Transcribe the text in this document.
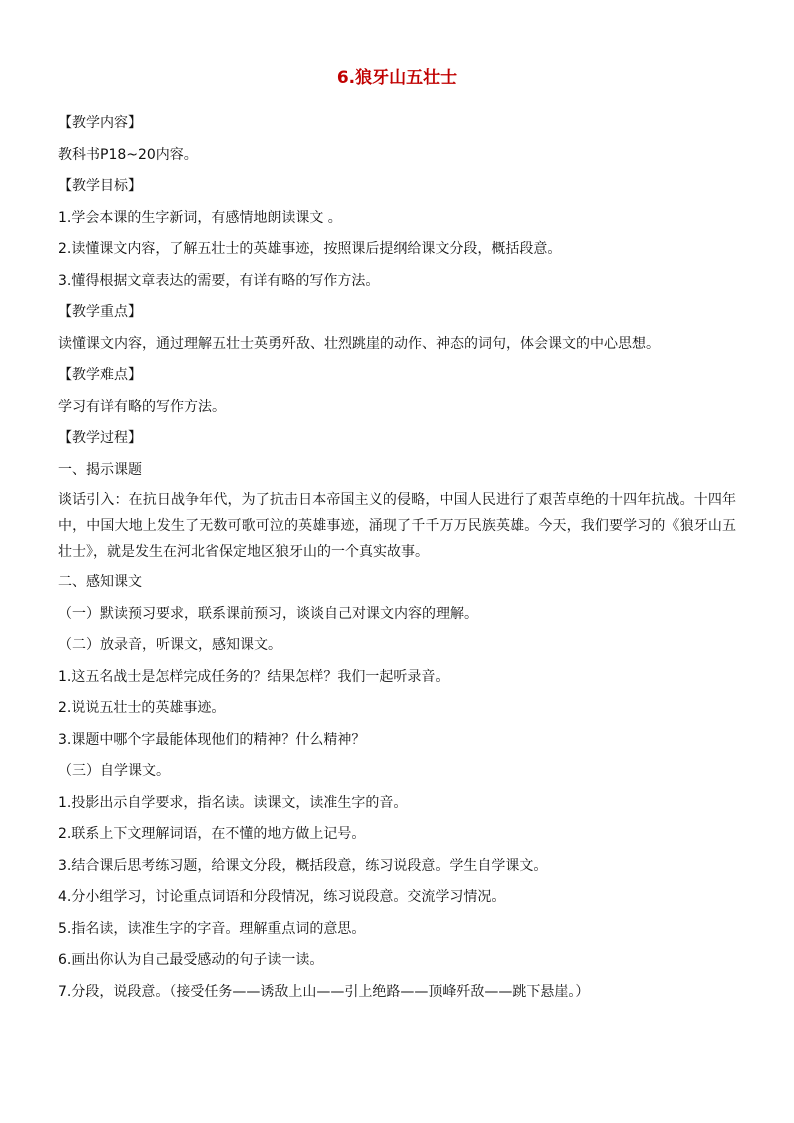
6.狼牙山五壮士
【教学内容】
教科书P18~20内容。
【教学目标】
1.学会本课的生字新词，有感情地朗读课文 。
2.读懂课文内容，了解五壮士的英雄事迹，按照课后提纲给课文分段，概括段意。
3.懂得根据文章表达的需要，有详有略的写作方法。
【教学重点】
读懂课文内容，通过理解五壮士英勇歼敌、壮烈跳崖的动作、神态的词句，体会课文的中心思想。
【教学难点】
学习有详有略的写作方法。
【教学过程】
一、揭示课题
谈话引入：在抗日战争年代，为了抗击日本帝国主义的侵略，中国人民进行了艰苦卓绝的十四年抗战。十四年中，中国大地上发生了无数可歌可泣的英雄事迹，涌现了千千万万民族英雄。今天，我们要学习的《狼牙山五壮士》，就是发生在河北省保定地区狼牙山的一个真实故事。
二、感知课文
（一）默读预习要求，联系课前预习，谈谈自己对课文内容的理解。
（二）放录音，听课文，感知课文。
1.这五名战士是怎样完成任务的？结果怎样？我们一起听录音。
2.说说五壮士的英雄事迹。
3.课题中哪个字最能体现他们的精神？什么精神？
（三）自学课文。
1.投影出示自学要求，指名读。读课文，读准生字的音。
2.联系上下文理解词语，在不懂的地方做上记号。
3.结合课后思考练习题，给课文分段，概括段意，练习说段意。学生自学课文。
4.分小组学习，讨论重点词语和分段情况，练习说段意。交流学习情况。
5.指名读，读准生字的字音。理解重点词的意思。
6.画出你认为自己最受感动的句子读一读。
7.分段，说段意。（接受任务——诱敌上山——引上绝路——顶峰歼敌——跳下悬崖。）
